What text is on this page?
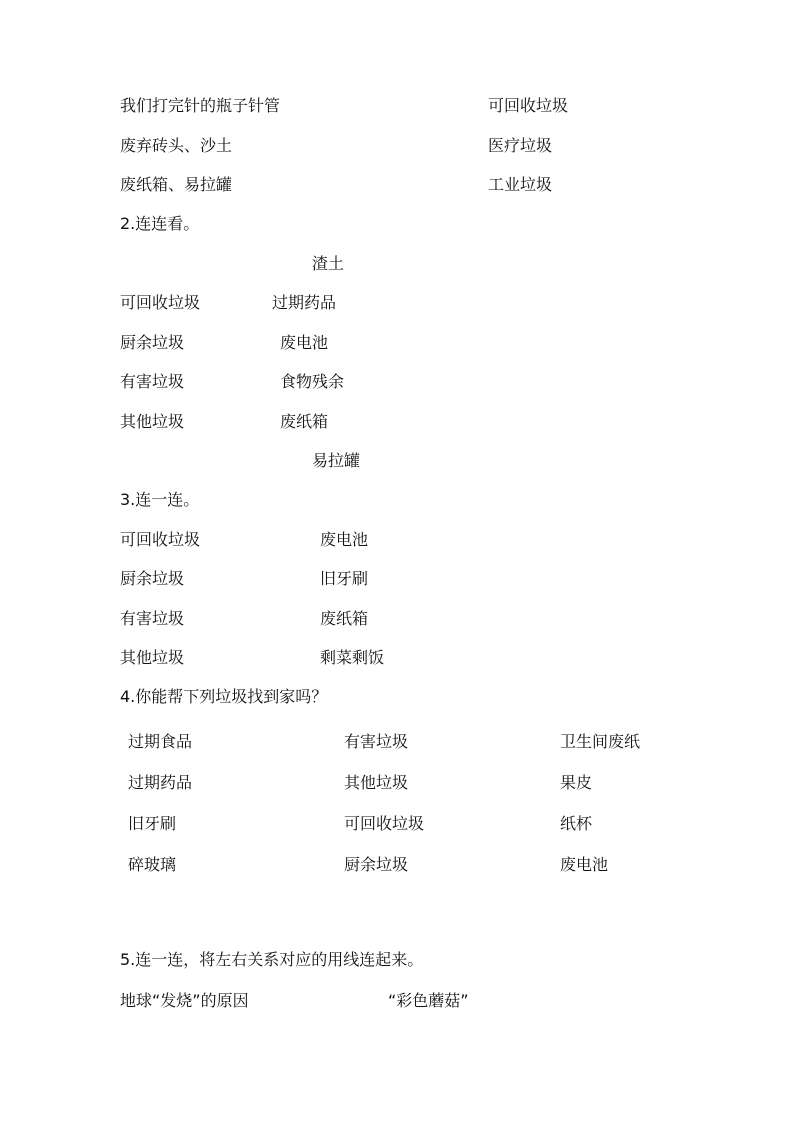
我们打完针的瓶子针管
废弃砖头、沙土
废纸箱、易拉罐
可回收垃圾
医疗垃圾
工业垃圾
2.连连看。
渣土
可回收垃圾
厨余垃圾
有害垃圾
其他垃圾
过期药品
废电池
食物残余
废纸箱
易拉罐
3.连一连。
可回收垃圾
厨余垃圾
有害垃圾
其他垃圾
废电池
旧牙刷
废纸箱
剩菜剩饭
4.你能帮下列垃圾找到家吗？
过期食品
过期药品
旧牙刷
碎玻璃
有害垃圾
其他垃圾
可回收垃圾
厨余垃圾
卫生间废纸
果皮
纸杯
废电池
5.连一连，将左右关系对应的用线连起来。
地球“发烧”的原因	“彩色蘑菇”
